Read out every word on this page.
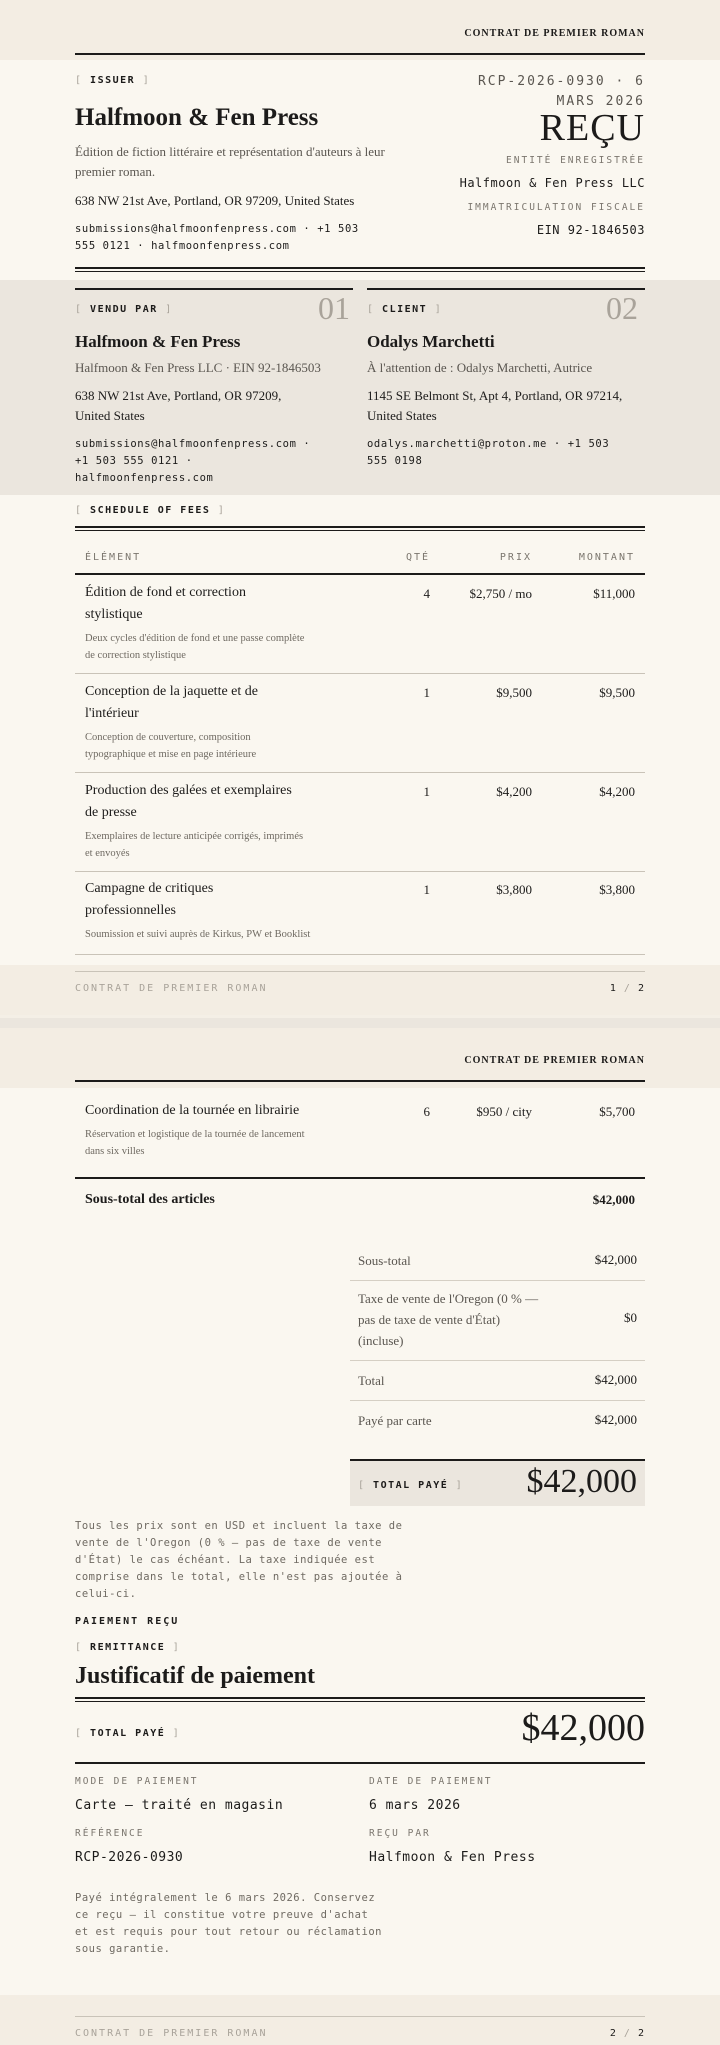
CONTRAT DE PREMIER ROMAN
[ ISSUER ]
Halfmoon & Fen Press
Édition de fiction littéraire et représentation d'auteurs à leur premier roman.
638 NW 21st Ave, Portland, OR 97209, United States
submissions@halfmoonfenpress.com · +1 503
555 0121 · halfmoonfenpress.com
RCP-2026-0930 · 6
MARS 2026
REÇU
ENTITÉ ENREGISTRÉE
Halfmoon & Fen Press LLC
IMMATRICULATION FISCALE
EIN 92-1846503
[ VENDU PAR ]	01
Halfmoon & Fen Press
Halfmoon & Fen Press LLC · EIN 92-1846503
638 NW 21st Ave, Portland, OR 97209,
United States
submissions@halfmoonfenpress.com ·
+1 503 555 0121 ·
halfmoonfenpress.com
[ CLIENT ]	02
Odalys Marchetti
À l'attention de : Odalys Marchetti, Autrice
1145 SE Belmont St, Apt 4, Portland, OR 97214,
United States
odalys.marchetti@proton.me · +1 503
555 0198
[ SCHEDULE OF FEES ]
ÉLÉMENT	QTÉ	PRIX	MONTANT
Édition de fond et correction
stylistique
Deux cycles d'édition de fond et une passe complète
de correction stylistique
4	$2,750 / mo	$11,000
Conception de la jaquette et de
l'intérieur
Conception de couverture, composition
typographique et mise en page intérieure
1	$9,500	$9,500
Production des galées et exemplaires
de presse
Exemplaires de lecture anticipée corrigés, imprimés
et envoyés
1	$4,200	$4,200
Campagne de critiques
professionnelles
Soumission et suivi auprès de Kirkus, PW et Booklist
1	$3,800	$3,800
CONTRAT DE PREMIER ROMAN	1 / 2
CONTRAT DE PREMIER ROMAN
Coordination de la tournée en librairie
Réservation et logistique de la tournée de lancement
dans six villes
6	$950 / city	$5,700
Sous-total des articles	$42,000
Sous-total	$42,000
Taxe de vente de l'Oregon (0 % —
pas de taxe de vente d'État)
(incluse)
$0
Total	$42,000
Payé par carte	$42,000
[ TOTAL PAYÉ ] $42,000
Tous les prix sont en USD et incluent la taxe de
vente de l'Oregon (0 % — pas de taxe de vente
d'État) le cas échéant. La taxe indiquée est
comprise dans le total, elle n'est pas ajoutée à
celui-ci.
PAIEMENT REÇU
[ REMITTANCE ]
Justificatif de paiement
[ TOTAL PAYÉ ]	$42,000
MODE DE PAIEMENT
Carte — traité en magasin
DATE DE PAIEMENT
6 mars 2026
RÉFÉRENCE
RCP-2026-0930
REÇU PAR
Halfmoon & Fen Press
Payé intégralement le 6 mars 2026. Conservez
ce reçu — il constitue votre preuve d'achat
et est requis pour tout retour ou réclamation
sous garantie.
CONTRAT DE PREMIER ROMAN	2 / 2
